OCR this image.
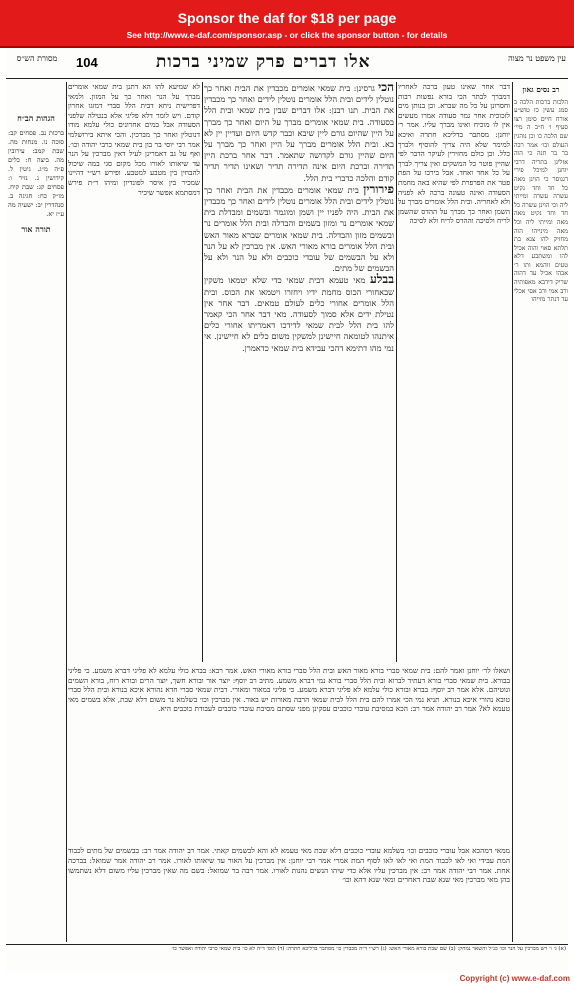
Sponsor the daf for $18 per page
See http://www.e-daf.com/sponsor.asp - or click the sponsor button - for details
מסורת הש״ס	104	אלו דברים פרק שמיני ברכות	עין משפט נר מצוה
רב נסים גאון

הלכות ברכות הלכה ב סמג עשין כז טוש״ע אורח חיים סימן רצו סעיף ו׳ ח״ב ה מיי׳ שם הלכה כו וכן נוהגין העולם וכו׳ אמר רבה בר בר חנה כי הוה אזלינן בתריה דרבי יוחנן למיכל פירי דגנוסר כי הוינן מאה כל חד וחד נקיט עשרה עשרה ומייתי ליה וכי הוינן עשרה כל חד וחד נקיט מאה מאה ומייתי ליה וכל מאה מינייהו הוה מחזיק להו צנא בת תלתא סאוי והוה אכיל להו ומשתבע דלא טעים זוהמא ותו ר׳ אבהו אכיל עד דהוה שריק דידבא מאפותיה ורב אמי ורב אסי אכלי עד דנתר מזייהו

דבר אחר שאינו טעון ברכה לאחריו דמברך לבתר הכי בורא נפשות רבות וחסרונן על כל מה שברא. וכן בנותן מים לזכוכית אחר גמר סעודה אמרו מעשים אין לו מוכיח ואינו מברך עליו. אמר ר׳ יוחנן: מסתבר בדליכא חתרה ואיכא למימר שלא היה צריך להוסיף ולברך כלל. וכן כולם מחזירין לעיקר הדבר לפי שהיין פוטר כל המשקים ואין צריך לברך על כל אחד ואחד. אבל בירכו על הפת פטר את הפרפרת לפי שהיא באה מחמת הסעודה ואינה טעונה ברכה לא לפניה ולא לאחריה. ובית הלל אומרים מברך על השמן ואחר כך מברך על ההדס שהשמן לריח ולסיכה וההדס לריח ולא לסיכה

הכי גרסינן: בית שמאי אומרים מכבדין את הבית ואחר כך נוטלין לידים ובית הלל אומרים נוטלין לידים ואחר כך מכבדין את הבית. תנו רבנן: אלו דברים שבין בית שמאי ובית הלל בסעודה. בית שמאי אומרים מברך על היום ואחר כך מברך על היין שהיום גורם ליין שיבא וכבר קדש היום ועדיין יין לא בא. ובית הלל אומרים מברך על היין ואחר כך מברך על היום שהיין גורם לקדושה שתאמר. דבר אחר ברכת היין תדירה וברכת היום אינה תדירה תדיר ושאינו תדיר תדיר קודם והלכה כדברי בית הלל.

פירורין בית שמאי אומרים מכבדין את הבית ואחר כך נוטלין לידים ובית הלל אומרים נוטלין לידים ואחר כך מכבדין את הבית. היה לפניו יין ושמן ומוגמר ובשמים ומבדלת בית שמאי אומרים נר ומזון בשמים והבדלה ובית הלל אומרים נר ובשמים מזון והבדלה. בית שמאי אומרים שברא מאור האש ובית הלל אומרים בורא מאורי האש. אין מברכין לא על הנר ולא על הבשמים של עובדי כוכבים ולא על הנר ולא על הבשמים של מתים.

בבלע מאי טעמא דבית שמאי כדי שלא יטמאו משקין שבאחורי הכוס מחמת ידיו ויחזרו ויטמאו את הכוס. ובית הלל אומרים אחורי כלים לעולם טמאים. דבר אחר אין נטילת ידים אלא סמוך לסעודה. מאי דבר אחר הכי קאמר להו בית הלל לבית שמאי לדידכו דאמריתו אחורי כלים איתנהו לטומאה חיישינן למשקין משום כלים לא חיישינן. אי נמי מהו דתימא דהכי עבידא בית שמאי כדאמרן.

לא שמיעא להו הא דתנן בית שמאי אומרים מברך על הנר ואחר כך על המזון. ולמאי דפרישית ניחא דבית הלל סברי דמזגו אחרון קודם. ויש לומר דלא פליגי אלא בנטילה שלפני הסעודה אבל במים אחרונים כולי עלמא מודו דנוטלין ואחר כך מברכין. והכי איתא בירושלמי אמר רבי יוסי בר בון בית שמאי כרבי יהודה וכו׳. ואף על גב דאמרינן לעיל דאין מברכין על הנר עד שיאותו לאורו מכל מקום סגי במה שיכול להבחין בין מטבע למטבע. ופירש רש״י דהיינו שמכיר בין איסר לפונדיון ומיהו ר״ת פירש דמסתמא אפשר שיכיר

ושאלו לר׳ יוחנן ואמר להם: בית שמאי סברי בורא מאור האש ובית הלל סברי בורא מאורי האש. אמר רבא: בברא כולי עלמא לא פליגי דברא משמע. כי פליגי בבורא. בית שמאי סברי בורא דעתיד לברוא ובית הלל סברי בורא נמי דברא משמע. מתיב רב יוסף: יוצר אור ובורא חשך, יוצר הרים ובורא רוח, בורא השמים ונוטיהם. אלא אמר רב יוסף: בברא ובורא כולי עלמא לא פליגי דברא משמע. כי פליגי במאור ומאורי. דבית שמאי סברי חדא נהורא איכא בנורא ובית הלל סברי טובא נהורי איכא בנורא. תניא נמי הכי אמרו להם בית הלל לבית שמאי הרבה מאורות יש באור. אין מברכין וכו׳ בשלמא נר משום דלא שבת, אלא בשמים מאי טעמא לא? אמר רב יהודה אמר רב: הכא במסיבת עובדי כוכבים עסקינן מפני שסתם מסיבת עובדי כוכבים לעבודת כוכבים היא.

ממאי דמהכא אבל עוברי כוכבים וכו׳ בשלמא עובדי כוכבים דלא שבת מאי טעמא לא והא לבשמים קאתי. אמר רב יהודה אמר רב: בבשמים של מתים לכבוד המת עבידי ואי לאו לכבוד המת ואי לאו לאו לסוף המת אמרי אמר רבי יוחנן: אין מברכין על האור עד שיאותו לאורו. אמר רב יהודה אמר שמואל: בברכה אחת. אמר רבי יהודה אמר רב: אין מברכין עליו אלא כדי שיהו הנשים נהנות לאורו. אמר רבה בר שמואל: בשם מה שאין מברכין עליו משום דלא נשתמשו בהן מאי מברכין מאי שנא שבת דאחרים ומאי שנא דהא וכו׳

הגהות הב״ח

ברכות נב. פסחים קב: סוכה נו. מנחות מה. שבת קמב: עירובין מה. ביצה ח: כלים פ״ה מ״ג. גיטין ל. קידושין נ. נזיר ו: פסחים קג: שבת קיח. מו״ק כח: חגיגה ב. סנהדרין יב: ישעיה מה ע״ז יא.

תורה אור

(א) ג׳ ו׳ ויש מברכין על הנר וכו׳ כנ״ל והשאר נמחק: (ב) שם שבת בורא מאורי האש: (ג) רש״י ד״ה מכבדין כו׳ מסתבר בדליכא חתרה: (ד) תוס׳ ד״ה לא כו׳ בית שמאי כרבי יהודה ואפשר כו׳

Copyright (c) www.e-daf.com
